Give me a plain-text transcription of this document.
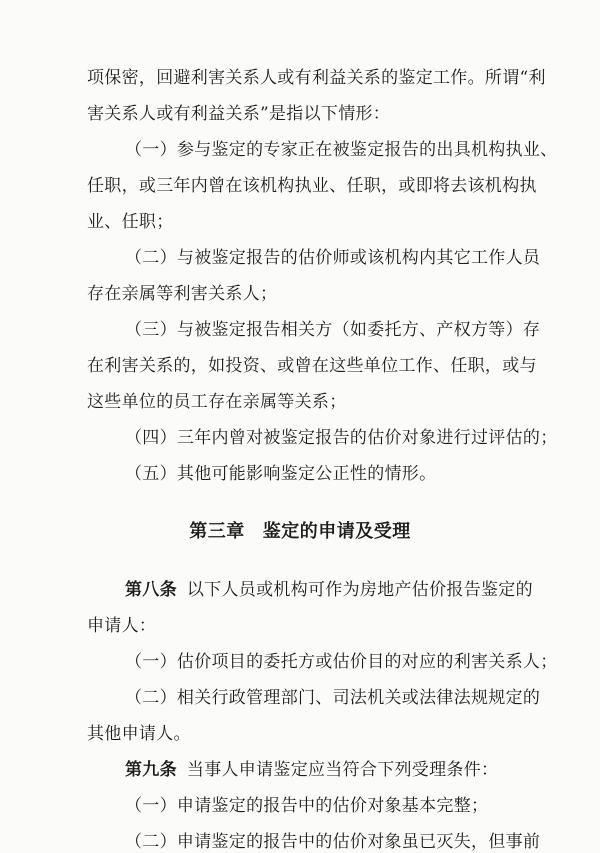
项保密，回避利害关系人或有利益关系的鉴定工作。所谓“利
害关系人或有利益关系”是指以下情形：
（一）参与鉴定的专家正在被鉴定报告的出具机构执业、
任职，或三年内曾在该机构执业、任职，或即将去该机构执
业、任职；
（二）与被鉴定报告的估价师或该机构内其它工作人员
存在亲属等利害关系人；
（三）与被鉴定报告相关方（如委托方、产权方等）存
在利害关系的，如投资、或曾在这些单位工作、任职，或与
这些单位的员工存在亲属等关系；
（四）三年内曾对被鉴定报告的估价对象进行过评估的；
（五）其他可能影响鉴定公正性的情形。
第三章 鉴定的申请及受理
第八条 以下人员或机构可作为房地产估价报告鉴定的
申请人：
（一）估价项目的委托方或估价目的对应的利害关系人；
（二）相关行政管理部门、司法机关或法律法规规定的
其他申请人。
第九条 当事人申请鉴定应当符合下列受理条件：
（一）申请鉴定的报告中的估价对象基本完整；
（二）申请鉴定的报告中的估价对象虽已灭失，但事前
